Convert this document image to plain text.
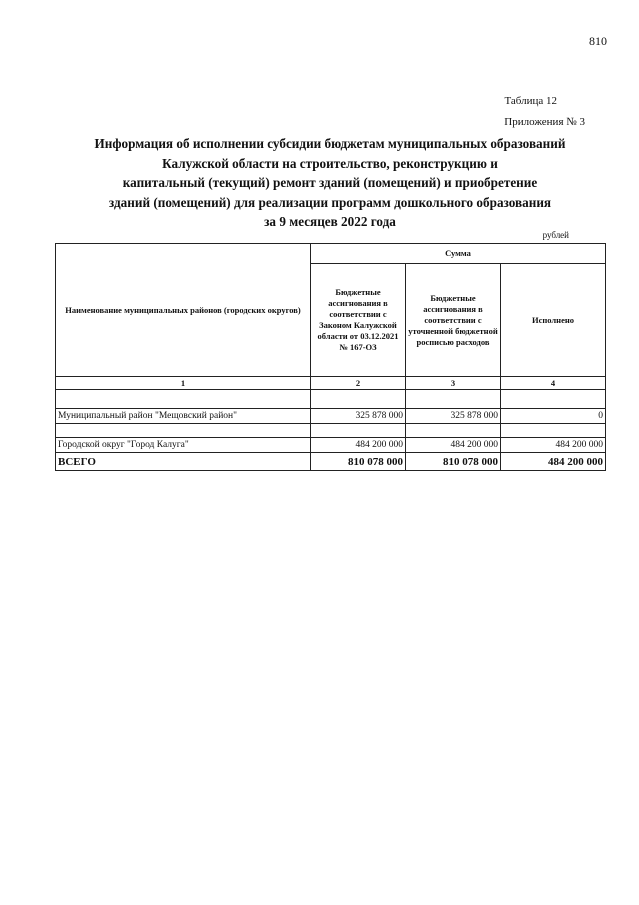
810
Таблица 12
Приложения № 3
Информация об исполнении субсидии бюджетам муниципальных образований
Калужской области на строительство, реконструкцию и
капитальный (текущий) ремонт зданий (помещений) и приобретение
зданий (помещений) для реализации программ дошкольного образования
за 9 месяцев 2022 года
рублей
Наименование муниципальных районов (городских округов)	Сумма		
	Бюджетные ассигнования в соответствии с Законом Калужской области от 03.12.2021 № 167-ОЗ	Бюджетные ассигнования в соответствии с уточненной бюджетной росписью расходов	Исполнено
1	2	3	4

Муниципальный район "Мещовский район"	325 878 000	325 878 000	0

Городской округ "Город Калуга"	484 200 000	484 200 000	484 200 000
ВСЕГО	810 078 000	810 078 000	484 200 000
